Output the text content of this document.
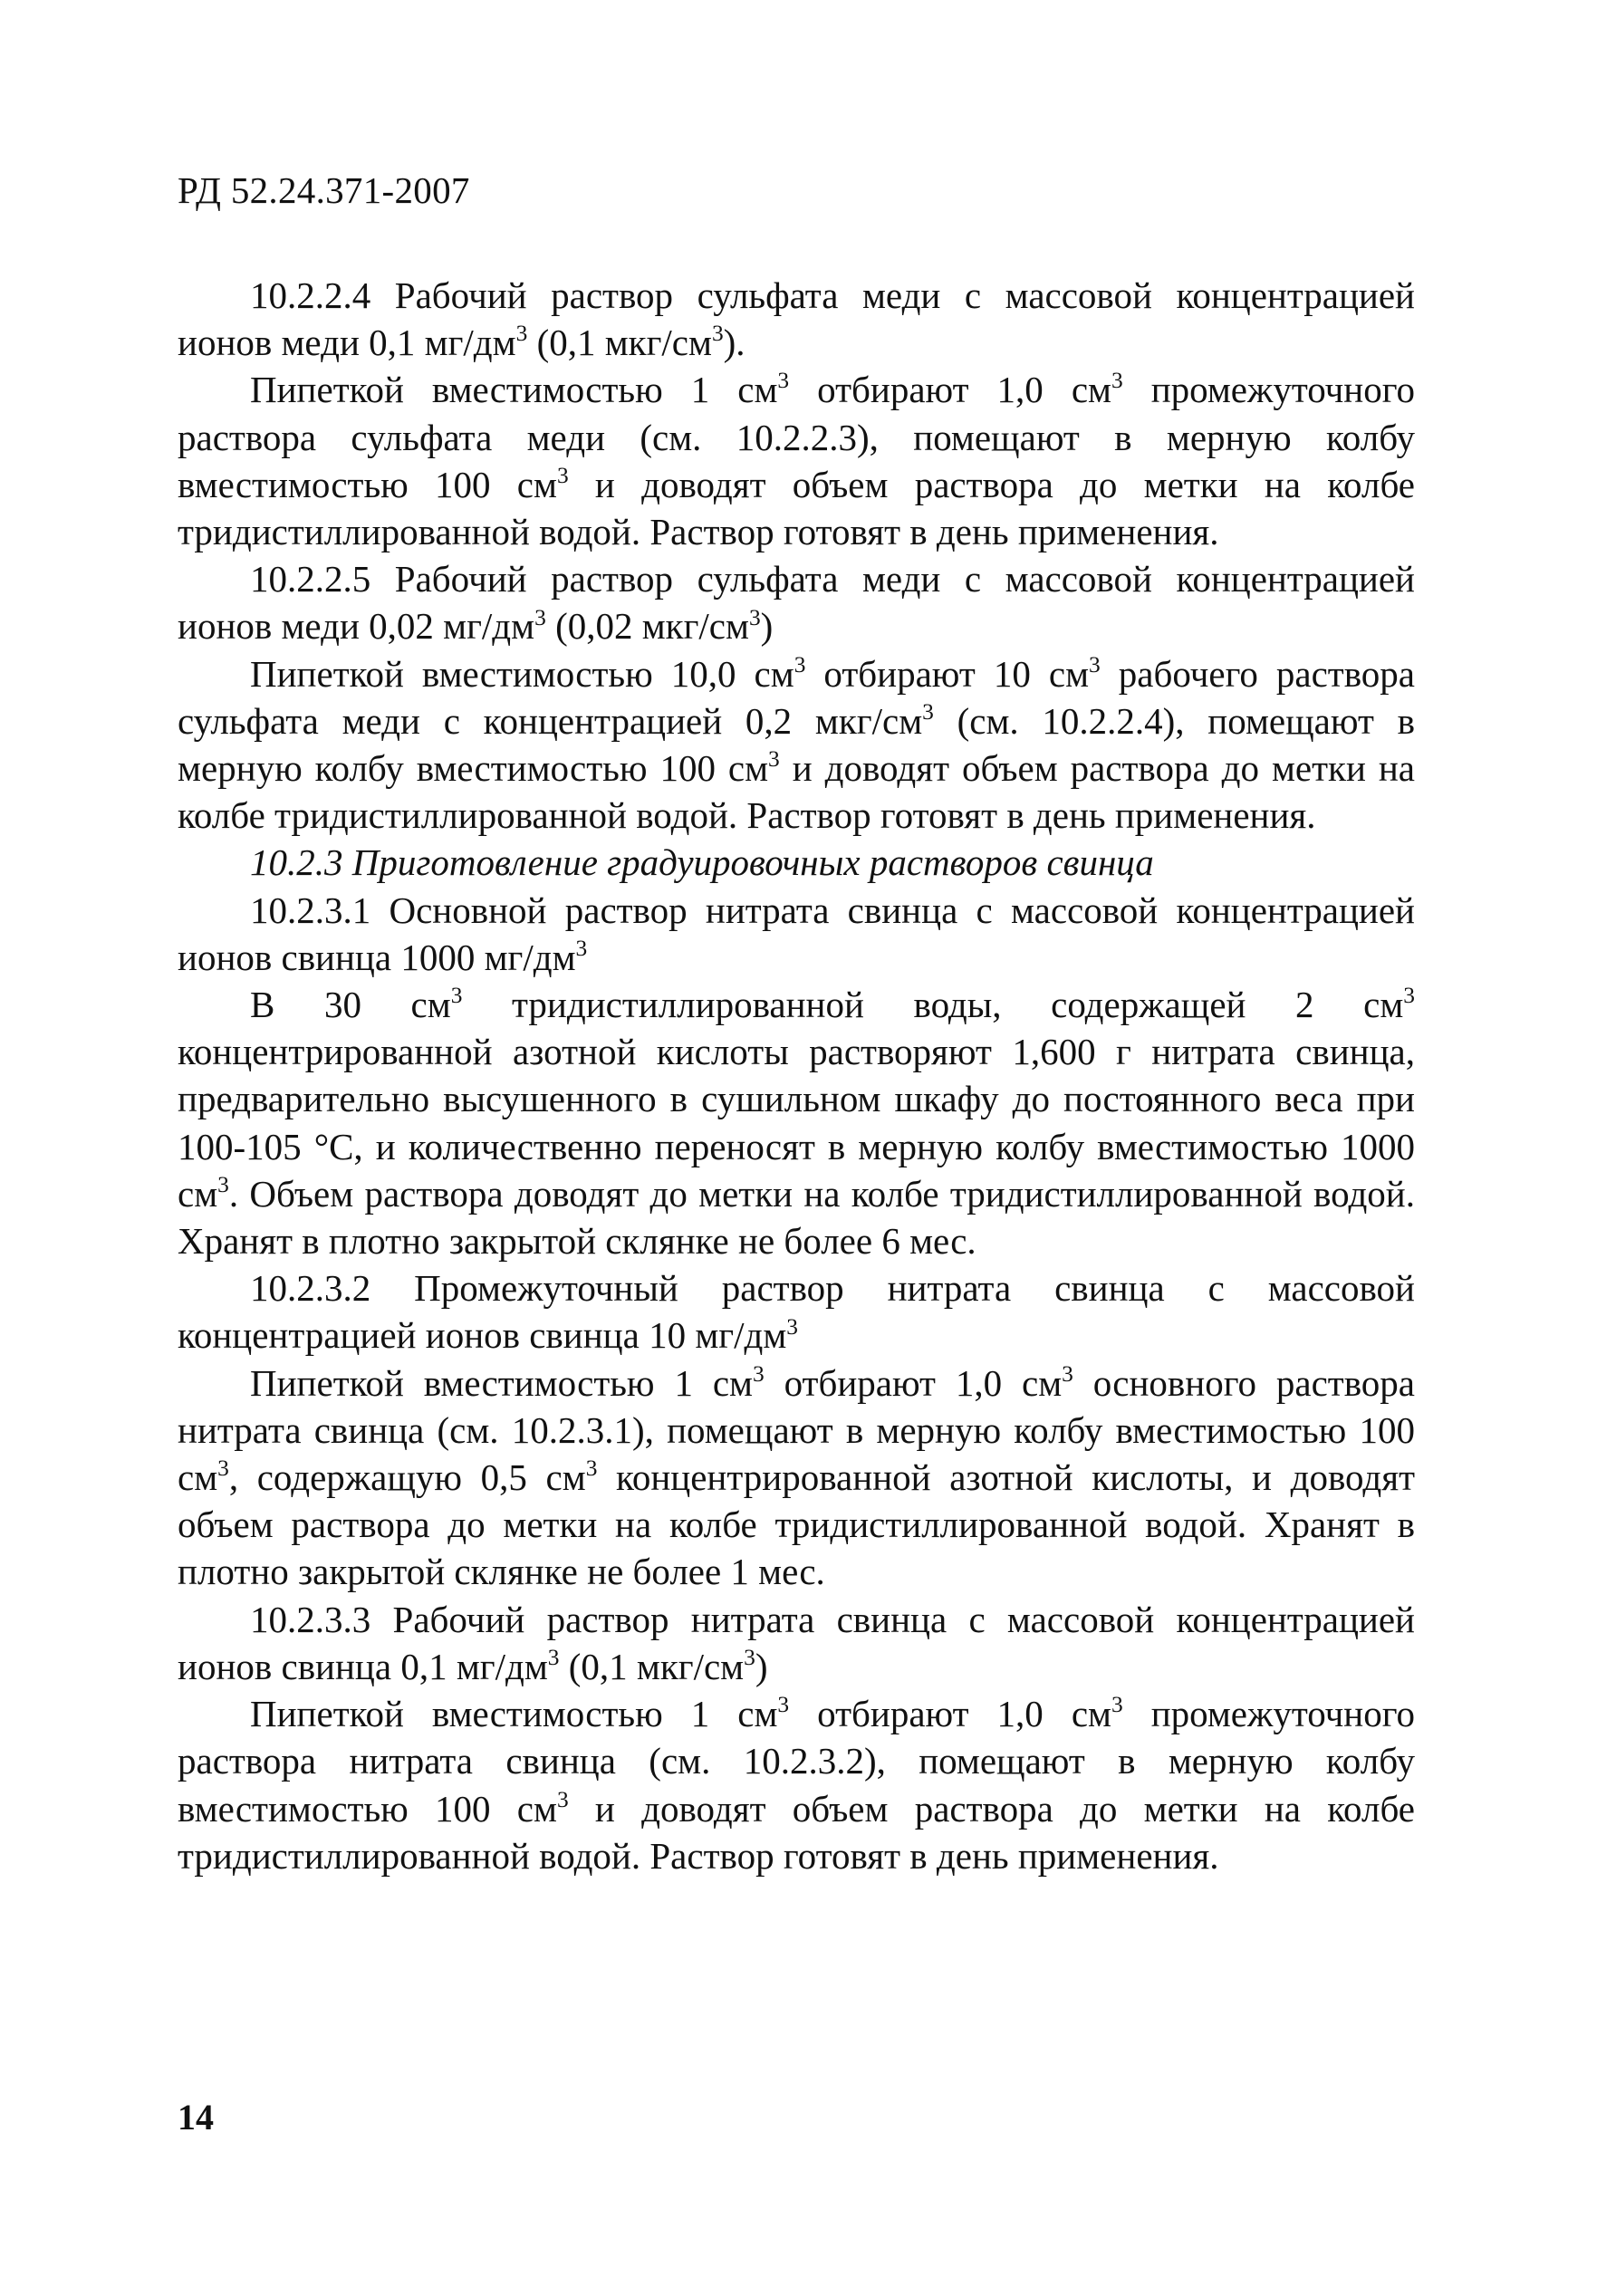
РД 52.24.371-2007

10.2.2.4 Рабочий раствор сульфата меди с массовой концентрацией ионов меди 0,1 $мг/дм^3$ (0,1 мкг/$см^3$).

Пипеткой вместимостью 1 $см^3$ отбирают 1,0 $см^3$ промежуточного раствора сульфата меди (см. 10.2.2.3), помещают в мерную колбу вместимостью 100 $см^3$ и доводят объем раствора до метки на колбе тридистиллированной водой. Раствор готовят в день применения.

10.2.2.5 Рабочий раствор сульфата меди с массовой концентрацией ионов меди 0,02 $мг/дм^3$ (0,02 мкг/$см^3$)

Пипеткой вместимостью 10,0 $см^3$ отбирают 10 $см^3$ рабочего раствора сульфата меди с концентрацией 0,2 мкг/$см^3$ (см. 10.2.2.4), помещают в мерную колбу вместимостью 100 $см^3$ и доводят объем раствора до метки на колбе тридистиллированной водой. Раствор готовят в день применения.

10.2.3 Приготовление градуировочных растворов свинца

10.2.3.1 Основной раствор нитрата свинца с массовой концентрацией ионов свинца 1000 $мг/дм^3$

В 30 $см^3$ тридистиллированной воды, содержащей 2 $см^3$ концентрированной азотной кислоты растворяют 1,600 г нитрата свинца, предварительно высушенного в сушильном шкафу до постоянного веса при 100-105 °С, и количественно переносят в мерную колбу вместимостью 1000 $см^3$. Объем раствора доводят до метки на колбе тридистиллированной водой. Хранят в плотно закрытой склянке не более 6 мес.

10.2.3.2 Промежуточный раствор нитрата свинца с массовой концентрацией ионов свинца 10 $мг/дм^3$

Пипеткой вместимостью 1 $см^3$ отбирают 1,0 $см^3$ основного раствора нитрата свинца (см. 10.2.3.1), помещают в мерную колбу вместимостью 100 $см^3$, содержащую 0,5 $см^3$ концентрированной азотной кислоты, и доводят объем раствора до метки на колбе тридистиллированной водой. Хранят в плотно закрытой склянке не более 1 мес.

10.2.3.3 Рабочий раствор нитрата свинца с массовой концентрацией ионов свинца 0,1 $мг/дм^3$ (0,1 мкг/$см^3$)

Пипеткой вместимостью 1 $см^3$ отбирают 1,0 $см^3$ промежуточного раствора нитрата свинца (см. 10.2.3.2), помещают в мерную колбу вместимостью 100 $см^3$ и доводят объем раствора до метки на колбе тридистиллированной водой. Раствор готовят в день применения.

14
